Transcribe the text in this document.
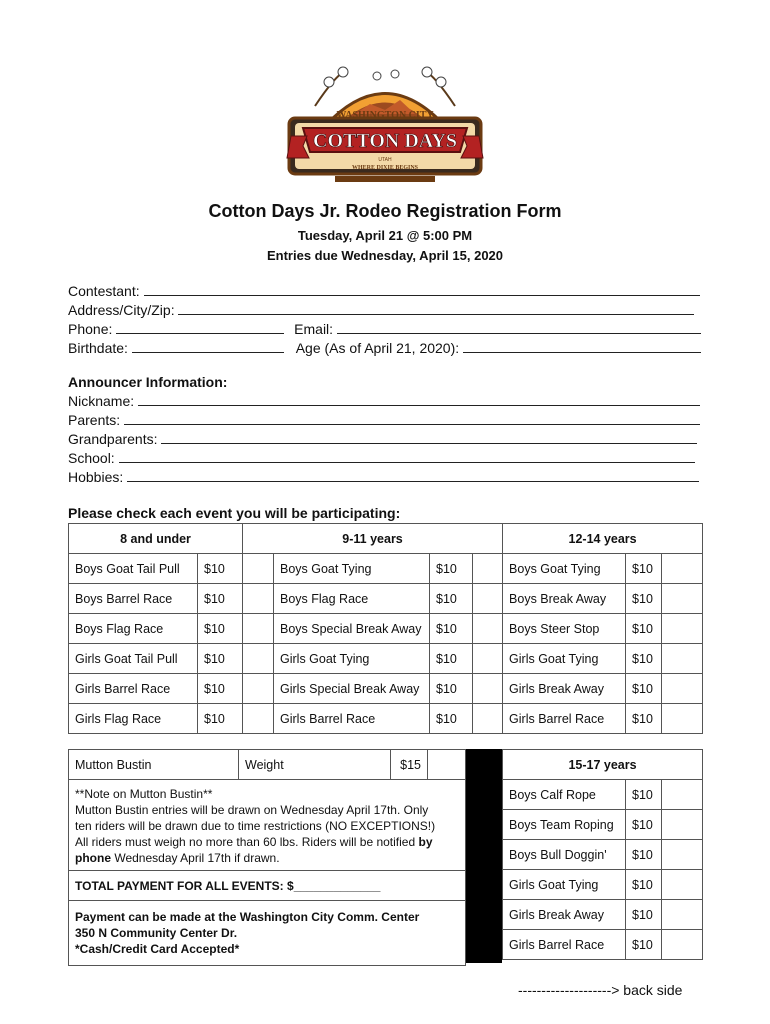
WASHINGTON CITY
COTTON DAYS
UTAH
WHERE DIXIE BEGINS
Cotton Days Jr. Rodeo Registration Form
Tuesday, April 21 @ 5:00 PM
Entries due Wednesday, April 15, 2020
Contestant:
Address/City/Zip:
Phone:	Email:
Birthdate:	Age (As of April 21, 2020):
Announcer Information:
Nickname:
Parents:
Grandparents:
School:
Hobbies:
Please check each event you will be participating:
8 and under		9-11 years				12-14 years		
Boys Goat Tail Pull	$10		Boys Goat Tying	$10		Boys Goat Tying	$10	
Boys Barrel Race	$10		Boys Flag Race	$10		Boys Break Away	$10	
Boys Flag Race	$10		Boys Special Break Away	$10		Boys Steer Stop	$10	
Girls Goat Tail Pull	$10		Girls Goat Tying	$10		Girls Goat Tying	$10	
Girls Barrel Race	$10		Girls Special Break Away	$10		Girls Break Away	$10	
Girls Flag Race	$10		Girls Barrel Race	$10		Girls Barrel Race	$10	
Mutton Bustin	Weight	$15	

**Note on Mutton Bustin**
Mutton Bustin entries will be drawn on Wednesday April 17th. Only
ten riders will be drawn due to time restrictions (NO EXCEPTIONS!)
All riders must weigh no more than 60 lbs. Riders will be notified by
phone Wednesday April 17th if drawn.

TOTAL PAYMENT FOR ALL EVENTS: $_____________

Payment can be made at the Washington City Comm. Center
350 N Community Center Dr.
*Cash/Credit Card Accepted*
15-17 years		
Boys Calf Rope	$10	
Boys Team Roping	$10	
Boys Bull Doggin'	$10	
Girls Goat Tying	$10	
Girls Break Away	$10	
Girls Barrel Race	$10	
--------------------> back side
